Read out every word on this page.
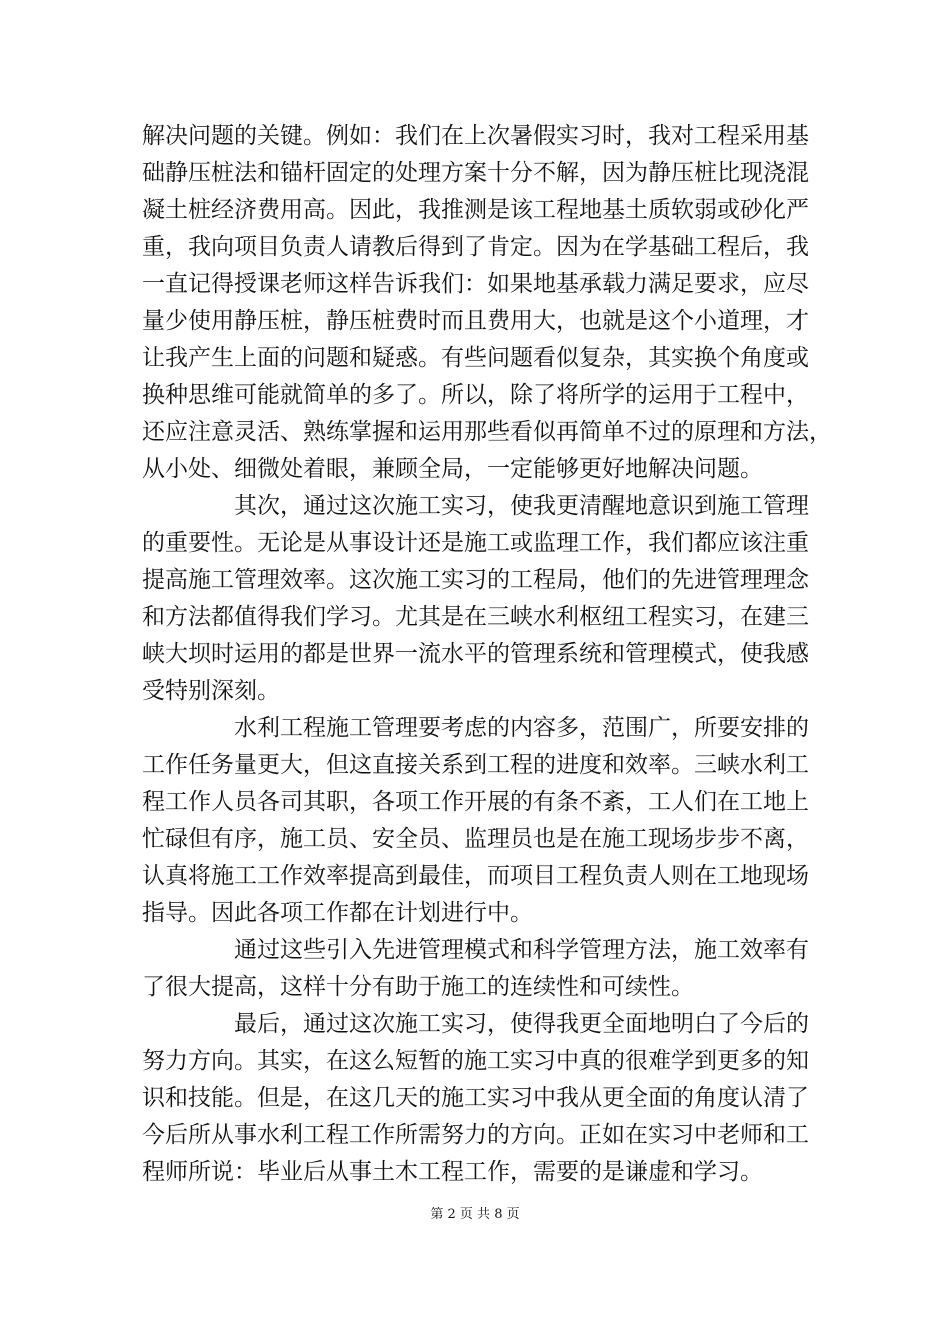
解决问题的关键。例如：我们在上次暑假实习时，我对工程采用基
础静压桩法和锚杆固定的处理方案十分不解，因为静压桩比现浇混
凝土桩经济费用高。因此，我推测是该工程地基土质软弱或砂化严
重，我向项目负责人请教后得到了肯定。因为在学基础工程后，我
一直记得授课老师这样告诉我们：如果地基承载力满足要求，应尽
量少使用静压桩，静压桩费时而且费用大，也就是这个小道理，才
让我产生上面的问题和疑惑。有些问题看似复杂，其实换个角度或
换种思维可能就简单的多了。所以，除了将所学的运用于工程中，
还应注意灵活、熟练掌握和运用那些看似再简单不过的原理和方法，
从小处、细微处着眼，兼顾全局，一定能够更好地解决问题。
其次，通过这次施工实习，使我更清醒地意识到施工管理
的重要性。无论是从事设计还是施工或监理工作，我们都应该注重
提高施工管理效率。这次施工实习的工程局，他们的先进管理理念
和方法都值得我们学习。尤其是在三峡水利枢纽工程实习，在建三
峡大坝时运用的都是世界一流水平的管理系统和管理模式，使我感
受特别深刻。
水利工程施工管理要考虑的内容多，范围广，所要安排的
工作任务量更大，但这直接关系到工程的进度和效率。三峡水利工
程工作人员各司其职，各项工作开展的有条不紊，工人们在工地上
忙碌但有序，施工员、安全员、监理员也是在施工现场步步不离，
认真将施工工作效率提高到最佳，而项目工程负责人则在工地现场
指导。因此各项工作都在计划进行中。
通过这些引入先进管理模式和科学管理方法，施工效率有
了很大提高，这样十分有助于施工的连续性和可续性。
最后，通过这次施工实习，使得我更全面地明白了今后的
努力方向。其实，在这么短暂的施工实习中真的很难学到更多的知
识和技能。但是，在这几天的施工实习中我从更全面的角度认清了
今后所从事水利工程工作所需努力的方向。正如在实习中老师和工
程师所说：毕业后从事土木工程工作，需要的是谦虚和学习。
第 2 页 共 8 页
